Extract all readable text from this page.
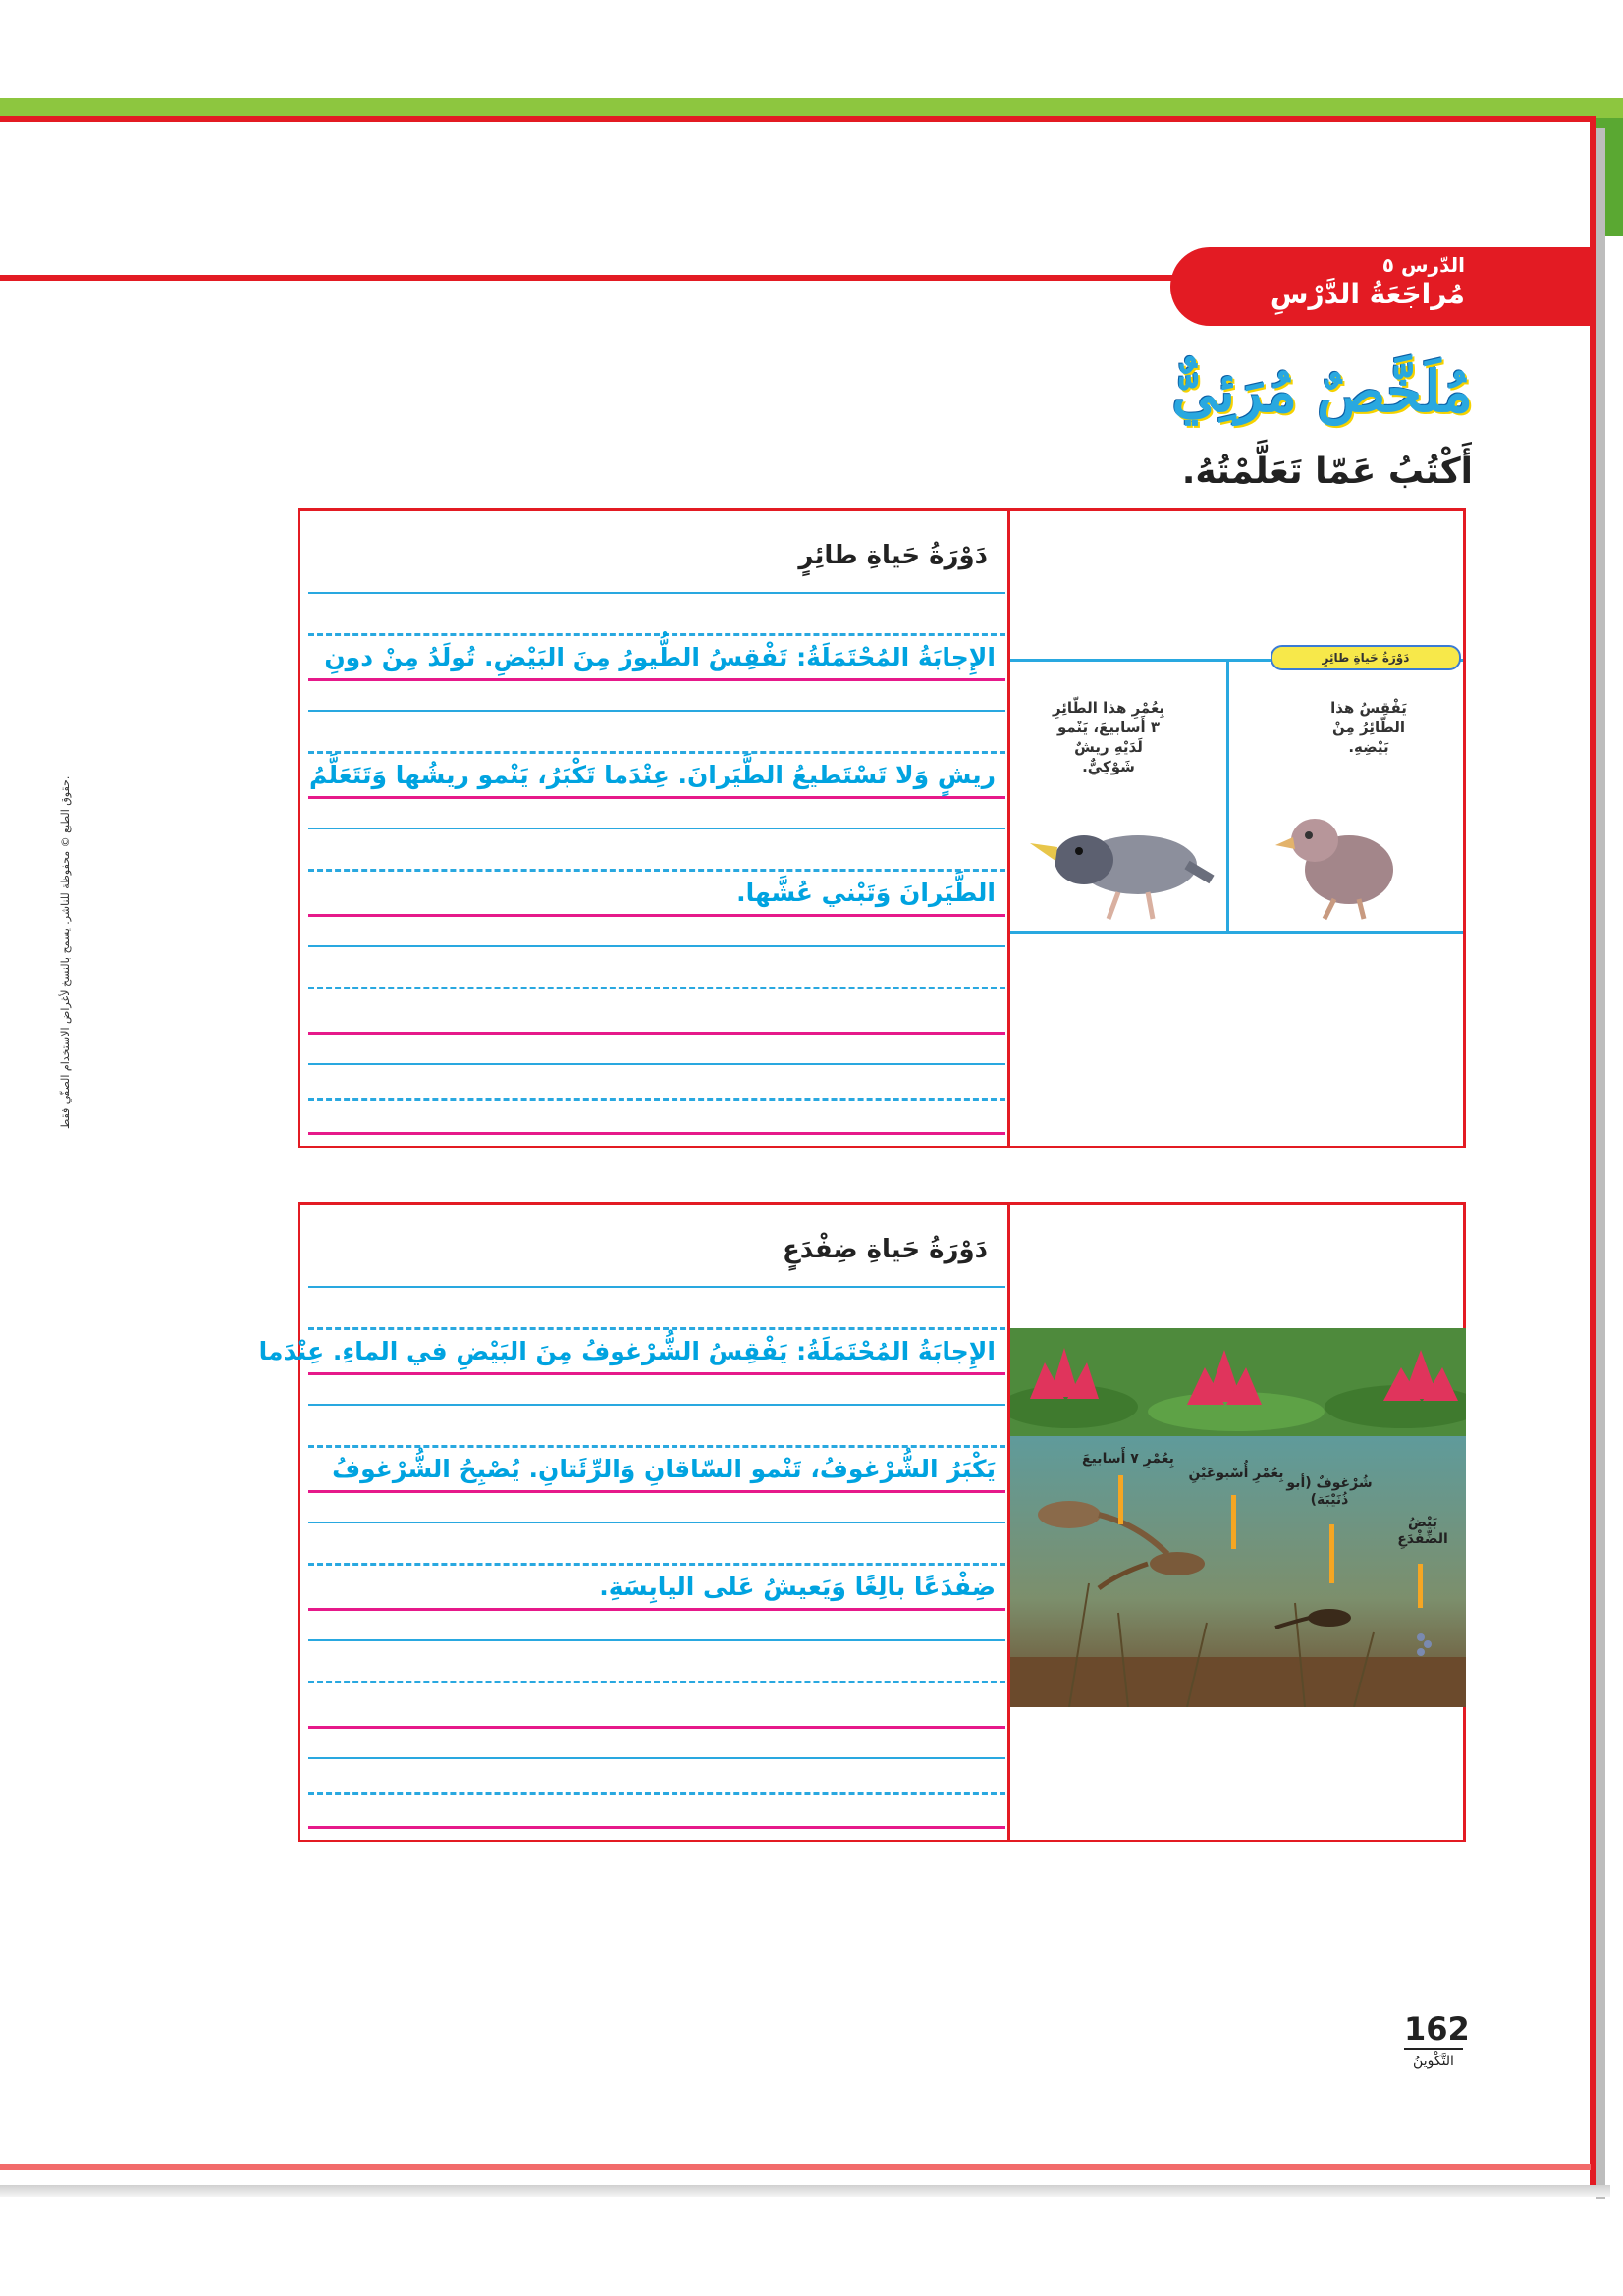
الدّرس ٥
مُراجَعَةُ الدَّرْسِ
مُلَخَّصٌ مُرَئِيٌّ
أَكْتُبُ عَمّا تَعَلَّمْتُهُ.
حقوق الطبع © محفوظة للناشر. يسمح بالنسخ لأغراض الاستخدام الصفّي فقط.
دَوْرَةُ حَياةِ طائِرٍ
الإِجابَةُ المُحْتَمَلَةُ: تَفْقِسُ الطُّيورُ مِنَ البَيْضِ. تُولَدُ مِنْ دونِ
ريشٍ وَلا تَسْتَطيعُ الطَّيَرانَ. عِنْدَما تَكْبَرُ، يَنْمو ريشُها وَتَتَعَلَّمُ
الطَّيَرانَ وَتَبْني عُشَّها.
دَوْرَةُ حَياةِ طائِرٍ
يَفْقِسُ هذا الطّائِرُ مِنْ بَيْضِهِ.
بِعُمْرِ هذا الطّائِرِ ٣ أَسابيعَ، يَنْمو لَدَيْهِ ريشٌ شَوْكِيٌّ.
دَوْرَةُ حَياةِ ضِفْدَعٍ
الإِجابَةُ المُحْتَمَلَةُ: يَفْقِسُ الشُّرْغوفُ مِنَ البَيْضِ في الماءِ. عِنْدَما
يَكْبَرُ الشُّرْغوفُ، تَنْمو السّاقانِ وَالرِّئَتانِ. يُصْبِحُ الشُّرْغوفُ
ضِفْدَعًا بالِغًا وَيَعيشُ عَلى اليابِسَةِ.
بِعُمْرِ ٧ أَسابيعَ
بِعُمْرِ أُسْبوعَيْنِ
شُرْغوفٌ (أبو ذُنَيْبَة)
بَيْضُ الضِّفْدَعِ
162
التَّكْوينُ
